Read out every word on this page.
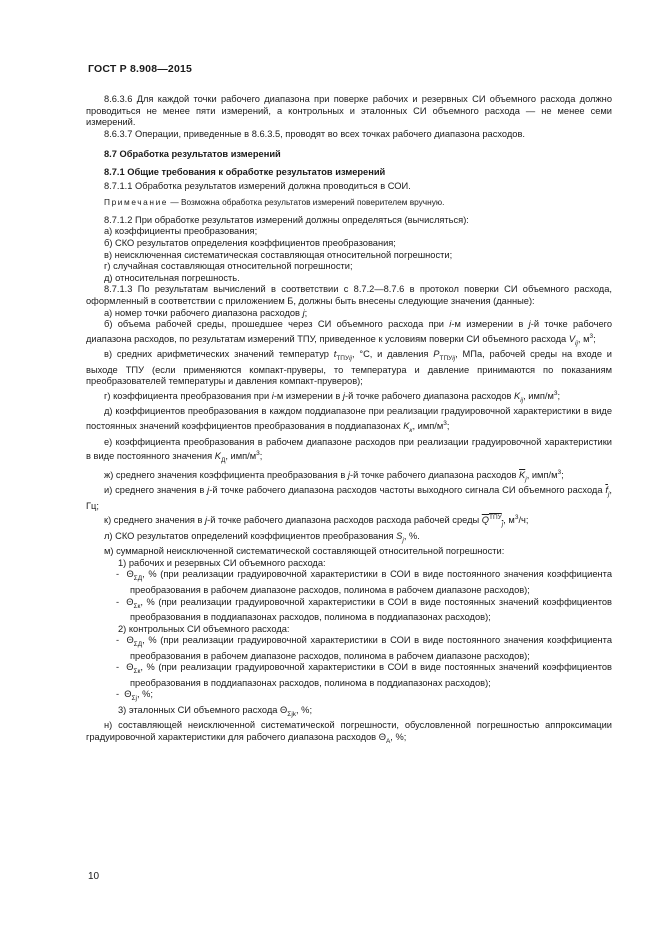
ГОСТ Р 8.908—2015

8.6.3.6 Для каждой точки рабочего диапазона при поверке рабочих и резервных СИ объемного расхода должно проводиться не менее пяти измерений, а контрольных и эталонных СИ объемного расхода — не менее семи измерений.

8.6.3.7 Операции, приведенные в 8.6.3.5, проводят во всех точках рабочего диапазона расходов.

8.7 Обработка результатов измерений

8.7.1 Общие требования к обработке результатов измерений

8.7.1.1 Обработка результатов измерений должна проводиться в СОИ.

Примечание — Возможна обработка результатов измерений поверителем вручную.

8.7.1.2 При обработке результатов измерений должны определяться (вычисляться):

а) коэффициенты преобразования;

б) СКО результатов определения коэффициентов преобразования;

в) неисключенная систематическая составляющая относительной погрешности;

г) случайная составляющая относительной погрешности;

д) относительная погрешность.

8.7.1.3 По результатам вычислений в соответствии с 8.7.2—8.7.6 в протокол поверки СИ объемного расхода, оформленный в соответствии с приложением Б, должны быть внесены следующие значения (данные):

а) номер точки рабочего диапазона расходов j;

б) объема рабочей среды, прошедшее через СИ объемного расхода при i-м измерении в j-й точке рабочего диапазона расходов, по результатам измерений ТПУ, приведенное к условиям поверки СИ объемного расхода $V_{ij}$, $м^3$;

в) средних арифметических значений температур $t_{ТПУij}$, °С, и давления $P_{ТПУij}$, МПа, рабочей среды на входе и выходе ТПУ (если применяются компакт-пруверы, то температура и давление принимаются по показаниям преобразователей температуры и давления компакт-пруверов);

г) коэффициента преобразования при i-м измерении в j-й точке рабочего диапазона расходов $K_{ij}$, имп/$м^3$;

д) коэффициентов преобразования в каждом поддиапазоне при реализации градуировочной характеристики в виде постоянных значений коэффициентов преобразования в поддиапазонах $K_к$, имп/$м^3$;

е) коэффициента преобразования в рабочем диапазоне расходов при реализации градуировочной характеристики в виде постоянного значения $K_Д$, имп/$м^3$;

ж) среднего значения коэффициента преобразования в j-й точке рабочего диапазона расходов $\overline{K}_j$, имп/$м^3$;

и) среднего значения в j-й точке рабочего диапазона расходов частоты выходного сигнала СИ объемного расхода $\overline{f}_j$, Гц;

к) среднего значения в j-й точке рабочего диапазона расходов расхода рабочей среды $Q^{ТПУ}_j$, $м^3/ч$;

л) СКО результатов определений коэффициентов преобразования $S_j$, %.

м) суммарной неисключенной систематической составляющей относительной погрешности:

1) рабочих и резервных СИ объемного расхода:

-  $\Theta_{\Sigma Д}$, % (при реализации градуировочной характеристики в СОИ в виде постоянного значения коэффициента преобразования в рабочем диапазоне расходов, полинома в рабочем диапазоне расходов);

-  $\Theta_{\Sigma к}$, % (при реализации градуировочной характеристики в СОИ в виде постоянных значений коэффициентов преобразования в поддиапазонах расходов, полинома в поддиапазонах расходов);

2) контрольных СИ объемного расхода:

-  $\Theta_{\Sigma Д}$, % (при реализации градуировочной характеристики в СОИ в виде постоянного значения коэффициента преобразования в рабочем диапазоне расходов, полинома в рабочем диапазоне расходов);

-  $\Theta_{\Sigma к}$, % (при реализации градуировочной характеристики в СОИ в виде постоянных значений коэффициентов преобразования в поддиапазонах расходов, полинома в поддиапазонах расходов);

-  $\Theta_{\Sigma j}$, %;

3) эталонных СИ объемного расхода $\Theta_{\Sigma jk}$, %;

н) составляющей неисключенной систематической погрешности, обусловленной погрешностью аппроксимации градуировочной характеристики для рабочего диапазона расходов $\Theta_A$, %;

10
